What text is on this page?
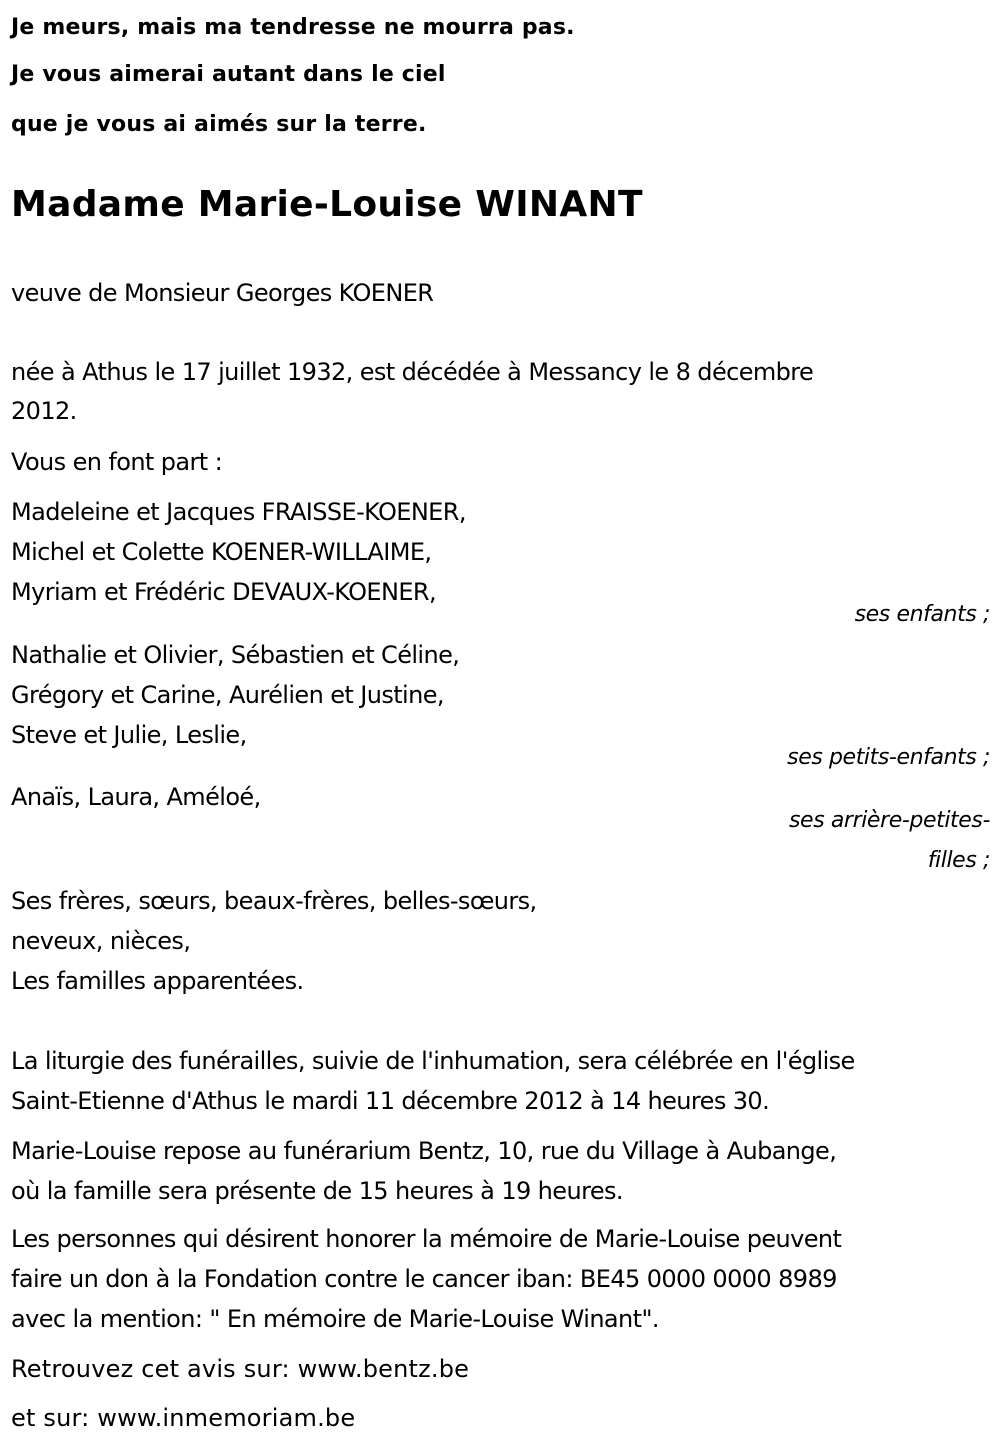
Je meurs, mais ma tendresse ne mourra pas.
Je vous aimerai autant dans le ciel
que je vous ai aimés sur la terre.
Madame Marie-Louise WINANT
veuve de Monsieur Georges KOENER
née à Athus le 17 juillet 1932, est décédée à Messancy le 8 décembre
2012.
Vous en font part :
Madeleine et Jacques FRAISSE-KOENER,
Michel et Colette KOENER-WILLAIME,
Myriam et Frédéric DEVAUX-KOENER,
ses enfants ;
Nathalie et Olivier, Sébastien et Céline,
Grégory et Carine, Aurélien et Justine,
Steve et Julie, Leslie,
ses petits-enfants ;
Anaïs, Laura, Améloé,
ses arrière-petites-
filles ;
Ses frères, sœurs, beaux-frères, belles-sœurs,
neveux, nièces,
Les familles apparentées.
La liturgie des funérailles, suivie de l'inhumation, sera célébrée en l'église
Saint-Etienne d'Athus le mardi 11 décembre 2012 à 14 heures 30.
Marie-Louise repose au funérarium Bentz, 10, rue du Village à Aubange,
où la famille sera présente de 15 heures à 19 heures.
Les personnes qui désirent honorer la mémoire de Marie-Louise peuvent
faire un don à la Fondation contre le cancer iban: BE45 0000 0000 8989
avec la mention: " En mémoire de Marie-Louise Winant".
Retrouvez cet avis sur: www.bentz.be
et sur: www.inmemoriam.be
